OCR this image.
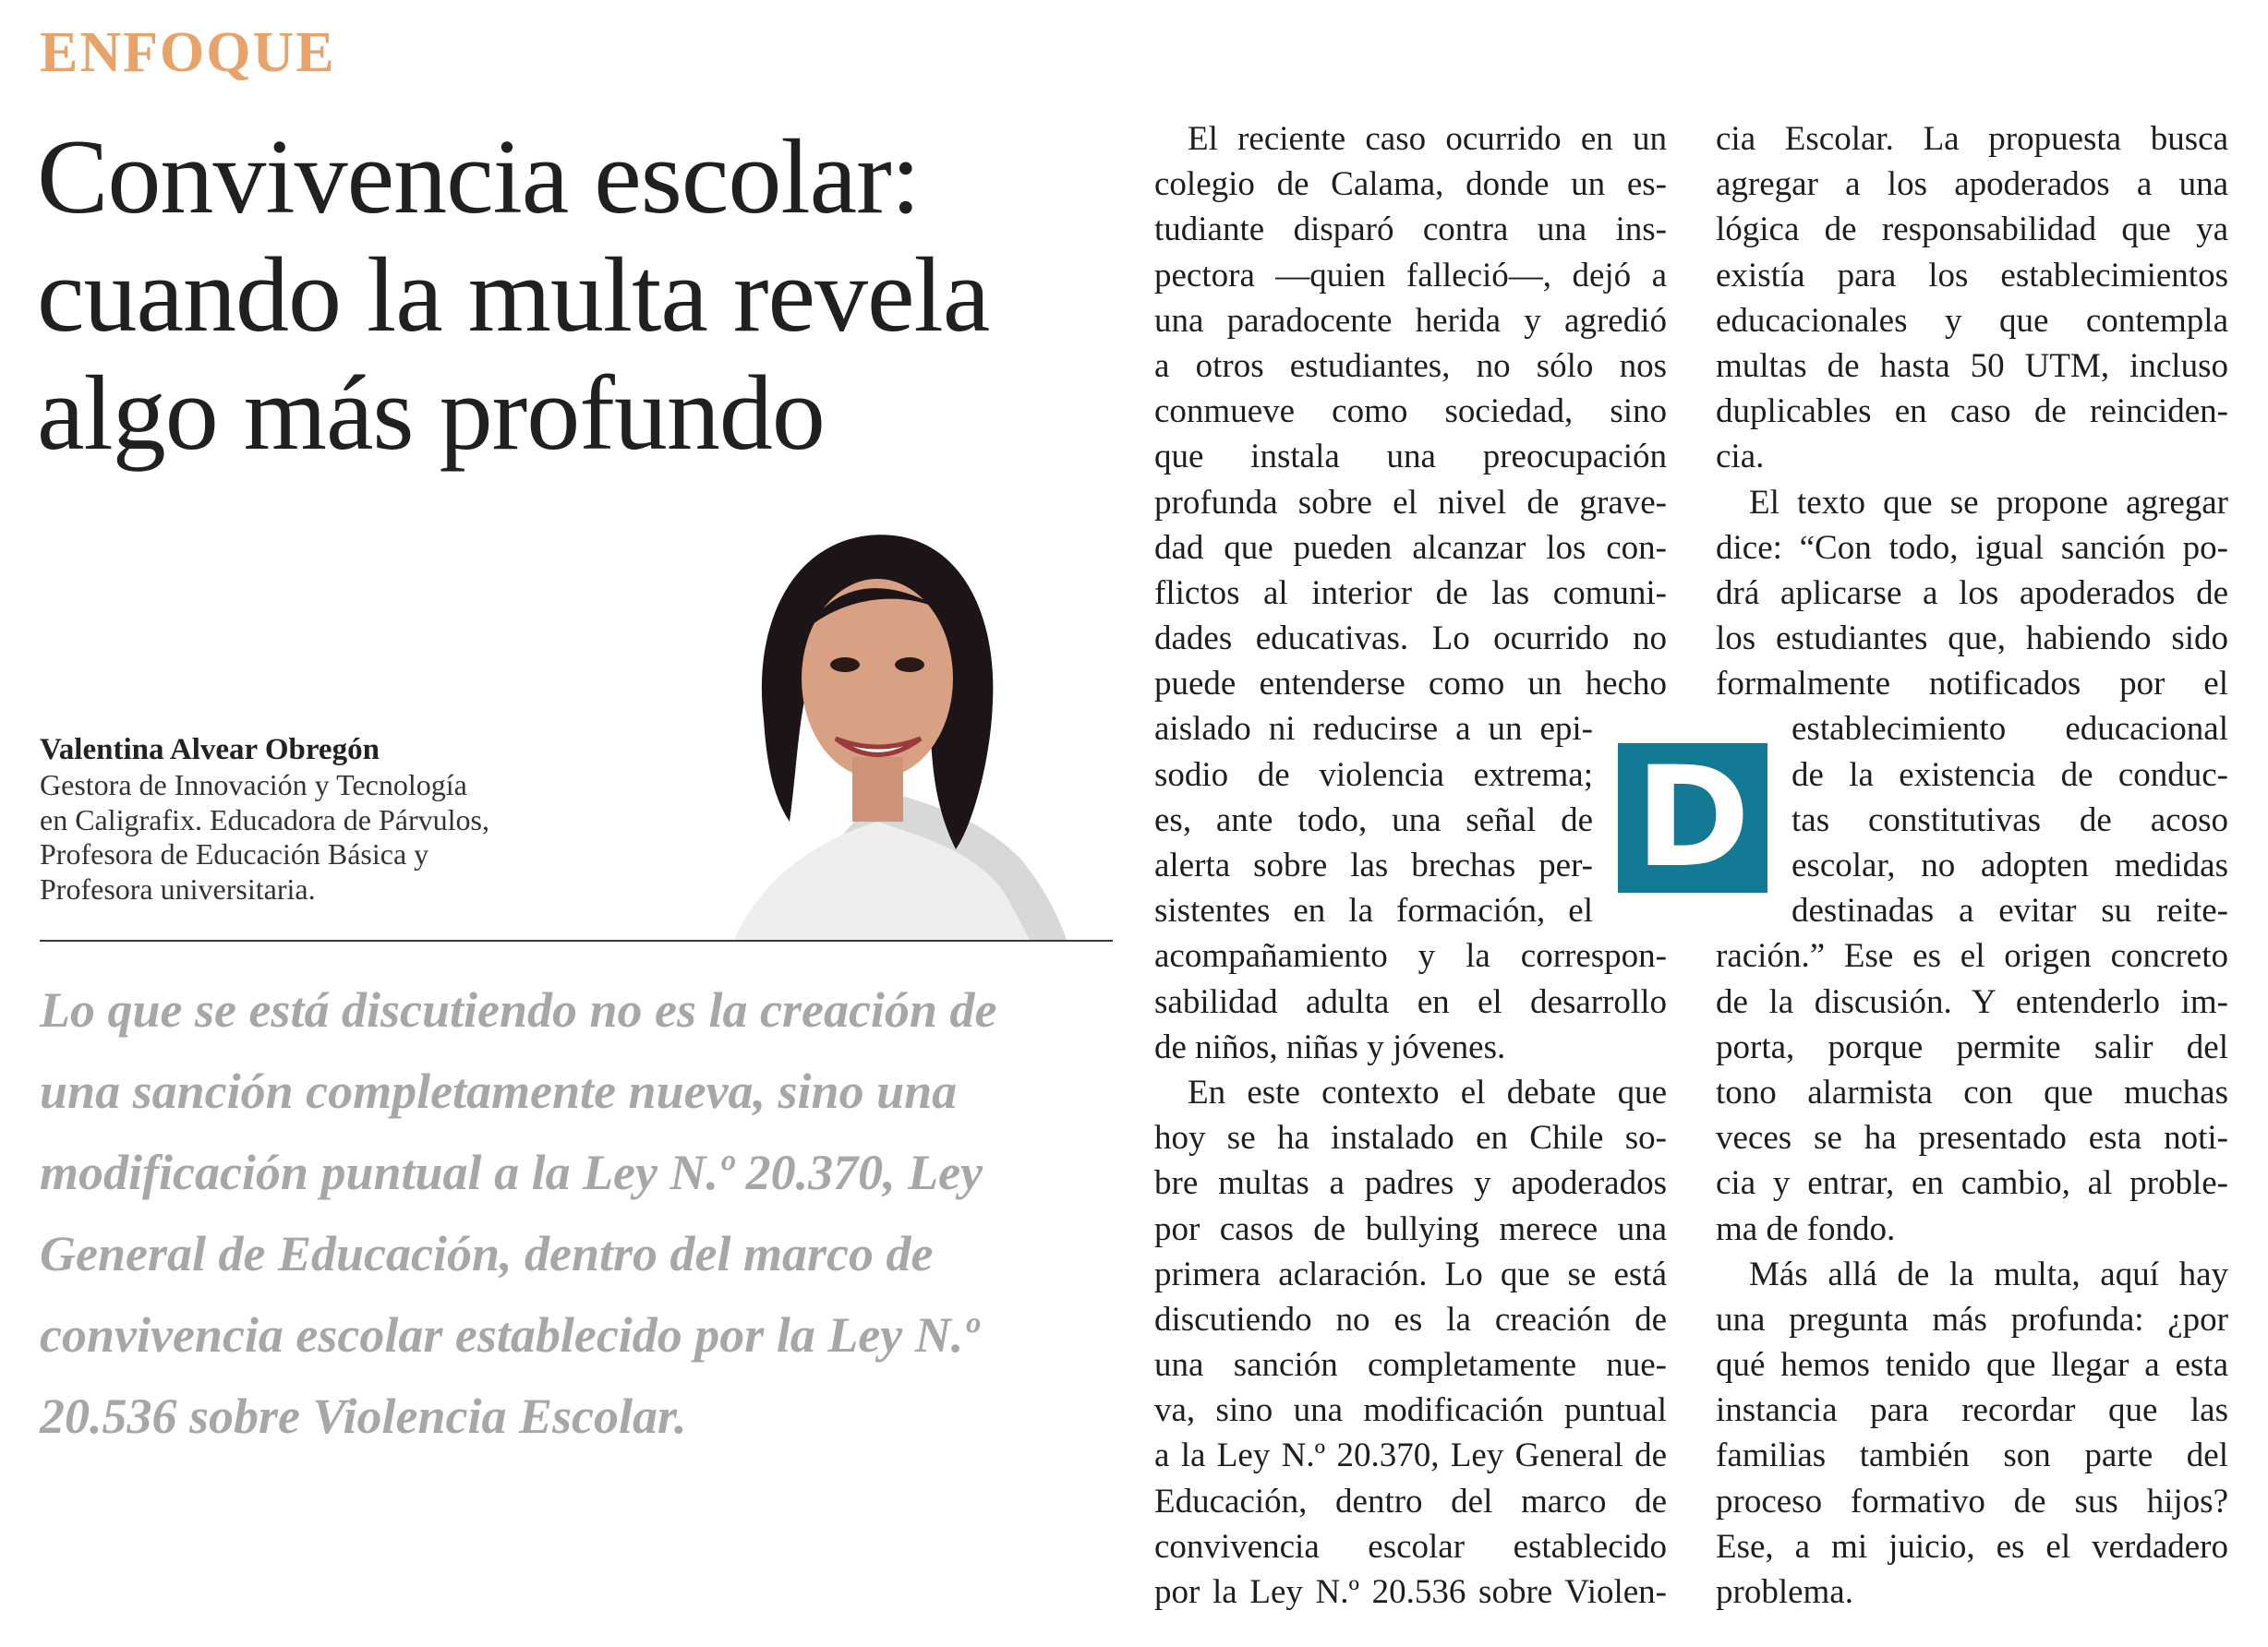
ENFOQUE
Convivencia escolar:
cuando la multa revela
algo más profundo
Valentina Alvear Obregón
Gestora de Innovación y Tecnología
en Caligrafix. Educadora de Párvulos,
Profesora de Educación Básica y
Profesora universitaria.
Lo que se está discutiendo no es la creación de
una sanción completamente nueva, sino una
modificación puntual a la Ley N.º 20.370, Ley
General de Educación, dentro del marco de
convivencia escolar establecido por la Ley N.º
20.536 sobre Violencia Escolar.
El reciente caso ocurrido en un
colegio de Calama, donde un es-
tudiante disparó contra una ins-
pectora —quien falleció—, dejó a
una paradocente herida y agredió
a otros estudiantes, no sólo nos
conmueve como sociedad, sino
que instala una preocupación
profunda sobre el nivel de grave-
dad que pueden alcanzar los con-
flictos al interior de las comuni-
dades educativas. Lo ocurrido no
puede entenderse como un hecho
aislado ni reducirse a un epi-
sodio de violencia extrema;
es, ante todo, una señal de
alerta sobre las brechas per-
sistentes en la formación, el
acompañamiento y la correspon-
sabilidad adulta en el desarrollo
de niños, niñas y jóvenes.
En este contexto el debate que
hoy se ha instalado en Chile so-
bre multas a padres y apoderados
por casos de bullying merece una
primera aclaración. Lo que se está
discutiendo no es la creación de
una sanción completamente nue-
va, sino una modificación puntual
a la Ley N.º 20.370, Ley General de
Educación, dentro del marco de
convivencia escolar establecido
por la Ley N.º 20.536 sobre Violen-
D
cia Escolar. La propuesta busca
agregar a los apoderados a una
lógica de responsabilidad que ya
existía para los establecimientos
educacionales y que contempla
multas de hasta 50 UTM, incluso
duplicables en caso de reinciden-
cia.
El texto que se propone agregar
dice: “Con todo, igual sanción po-
drá aplicarse a los apoderados de
los estudiantes que, habiendo sido
formalmente notificados por el
establecimiento educacional
de la existencia de conduc-
tas constitutivas de acoso
escolar, no adopten medidas
destinadas a evitar su reite-
ración.” Ese es el origen concreto
de la discusión. Y entenderlo im-
porta, porque permite salir del
tono alarmista con que muchas
veces se ha presentado esta noti-
cia y entrar, en cambio, al proble-
ma de fondo.
Más allá de la multa, aquí hay
una pregunta más profunda: ¿por
qué hemos tenido que llegar a esta
instancia para recordar que las
familias también son parte del
proceso formativo de sus hijos?
Ese, a mi juicio, es el verdadero
problema.
